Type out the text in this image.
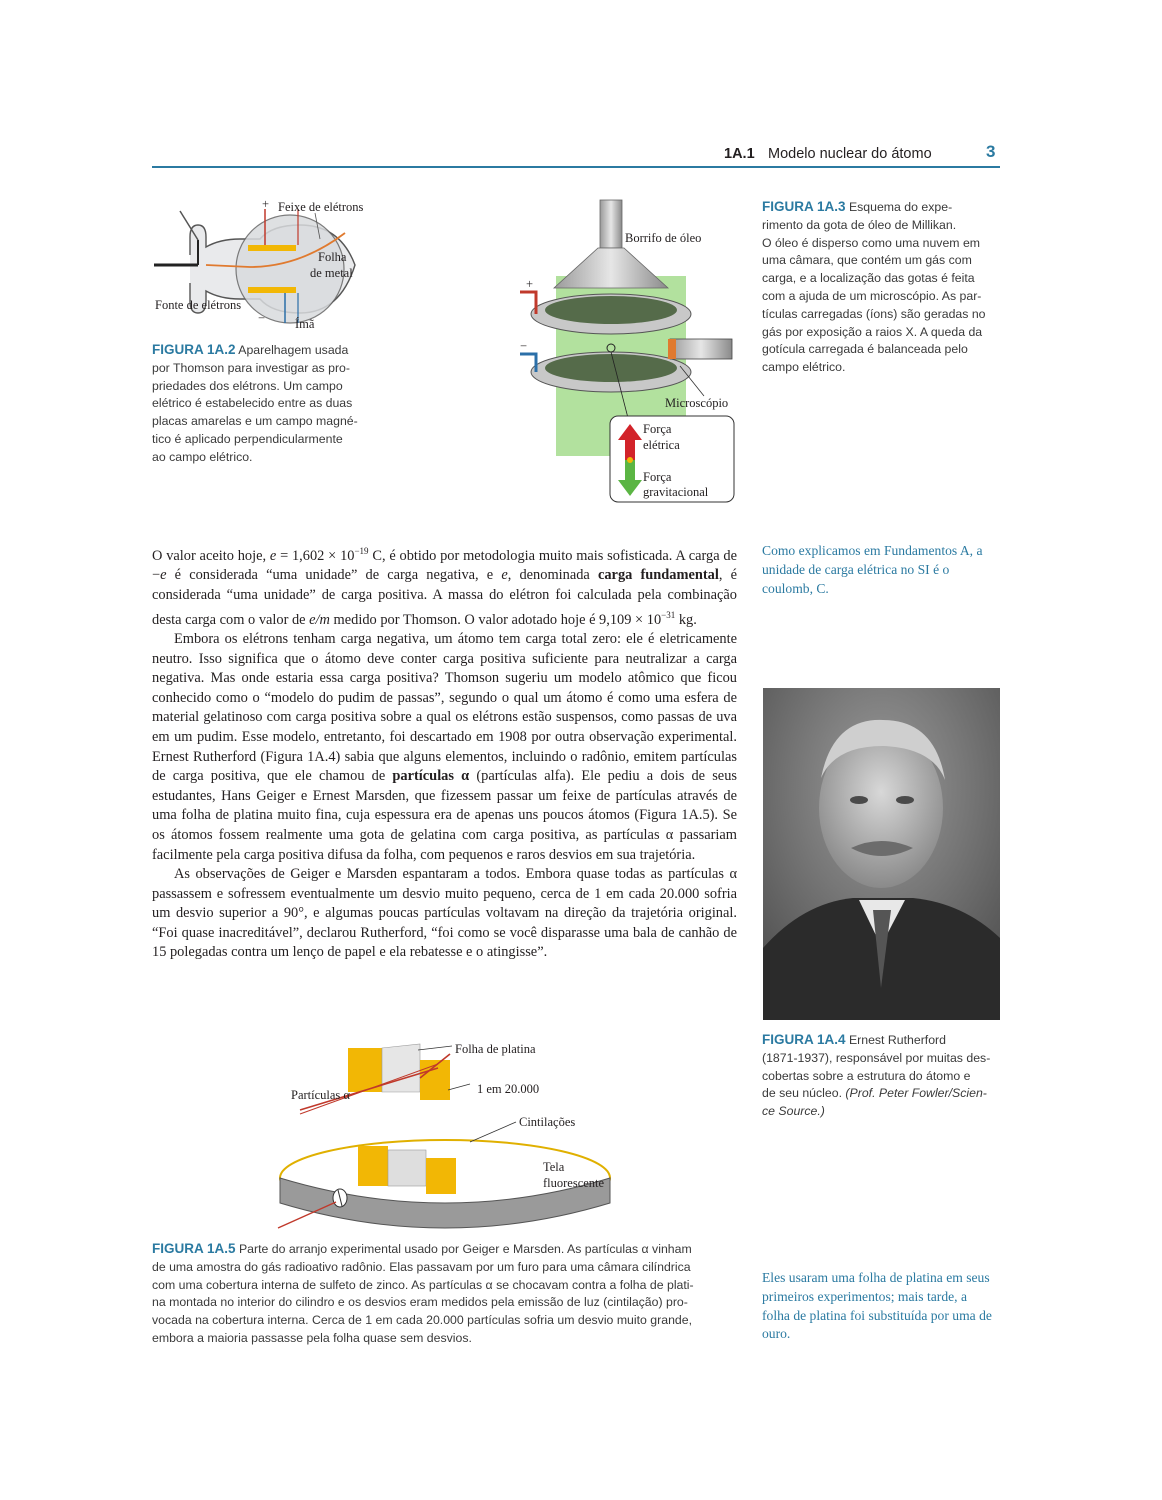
1A.1 Modelo nuclear do átomo	3
+
−
Feixe de elétrons
Folha
de metal
Fonte de elétrons
Ímã
FIGURA 1A.2 Aparelhagem usada
por Thomson para investigar as pro-
priedades dos elétrons. Um campo
elétrico é estabelecido entre as duas
placas amarelas e um campo magné-
tico é aplicado perpendicularmente
ao campo elétrico.
+
−
Borrifo de óleo
Microscópio
Força
elétrica
Força
gravitacional
FIGURA 1A.3 Esquema do expe-
rimento da gota de óleo de Millikan.
O óleo é disperso como uma nuvem em
uma câmara, que contém um gás com
carga, e a localização das gotas é feita
com a ajuda de um microscópio. As par-
tículas carregadas (íons) são geradas no
gás por exposição a raios X. A queda da
gotícula carregada é balanceada pelo
campo elétrico.

O valor aceito hoje, $e = 1,602 \times 10^{-19}$ C, é obtido por metodologia muito mais sofisticada. A carga de −e é considerada “uma unidade” de carga negativa, e e, denominada carga fundamental, é considerada “uma unidade” de carga positiva. A massa do elétron foi calculada pela combinação desta carga com o valor de e/m medido por Thomson. O valor adotado hoje é $9,109 \times 10^{-31}$ kg.

Embora os elétrons tenham carga negativa, um átomo tem carga total zero: ele é eletricamente neutro. Isso significa que o átomo deve conter carga positiva suficiente para neutralizar a carga negativa. Mas onde estaria essa carga positiva? Thomson sugeriu um modelo atômico que ficou conhecido como o “modelo do pudim de passas”, segundo o qual um átomo é como uma esfera de material gelatinoso com carga positiva sobre a qual os elétrons estão suspensos, como passas de uva em um pudim. Esse modelo, entretanto, foi descartado em 1908 por outra observação experimental. Ernest Rutherford (Figura 1A.4) sabia que alguns elementos, incluindo o radônio, emitem partículas de carga positiva, que ele chamou de partículas α (partículas alfa). Ele pediu a dois de seus estudantes, Hans Geiger e Ernest Marsden, que fizessem passar um feixe de partículas através de uma folha de platina muito fina, cuja espessura era de apenas uns poucos átomos (Figura 1A.5). Se os átomos fossem realmente uma gota de gelatina com carga positiva, as partículas α passariam facilmente pela carga positiva difusa da folha, com pequenos e raros desvios em sua trajetória.

As observações de Geiger e Marsden espantaram a todos. Embora quase todas as partículas α passassem e sofressem eventualmente um desvio muito pequeno, cerca de 1 em cada 20.000 sofria um desvio superior a 90°, e algumas poucas partículas voltavam na direção da trajetória original. “Foi quase inacreditável”, declarou Rutherford, “foi como se você disparasse uma bala de canhão de 15 polegadas contra um lenço de papel e ela rebatesse e o atingisse”.

Como explicamos em Fundamentos A, a unidade de carga elétrica no SI é o coulomb, C.
FIGURA 1A.4 Ernest Rutherford
(1871-1937), responsável por muitas des-
cobertas sobre a estrutura do átomo e
de seu núcleo. (Prof. Peter Fowler/Scien-
ce Source.)
Folha de platina
Partículas α	1 em 20.000
Cintilações
Tela
fluorescente
FIGURA 1A.5 Parte do arranjo experimental usado por Geiger e Marsden. As partículas α vinham
de uma amostra do gás radioativo radônio. Elas passavam por um furo para uma câmara cilíndrica
com uma cobertura interna de sulfeto de zinco. As partículas α se chocavam contra a folha de plati-
na montada no interior do cilindro e os desvios eram medidos pela emissão de luz (cintilação) pro-
vocada na cobertura interna. Cerca de 1 em cada 20.000 partículas sofria um desvio muito grande,
embora a maioria passasse pela folha quase sem desvios.
Eles usaram uma folha de platina em seus primeiros experimentos; mais tarde, a folha de platina foi substituída por uma de ouro.
